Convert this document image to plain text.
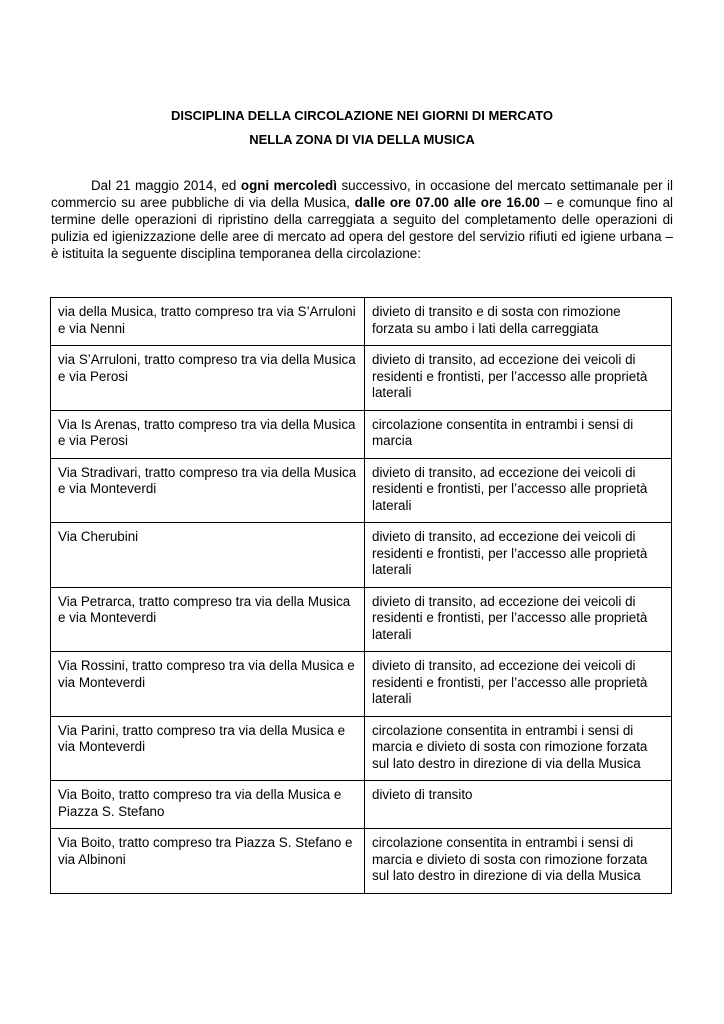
DISCIPLINA DELLA CIRCOLAZIONE NEI GIORNI DI MERCATO
NELLA ZONA DI VIA DELLA MUSICA
Dal 21 maggio 2014, ed ogni mercoledì successivo, in occasione del mercato settimanale per il commercio su aree pubbliche di via della Musica, dalle ore 07.00 alle ore 16.00 – e comunque fino al termine delle operazioni di ripristino della carreggiata a seguito del completamento delle operazioni di pulizia ed igienizzazione delle aree di mercato ad opera del gestore del servizio rifiuti ed igiene urbana – è istituita la seguente disciplina temporanea della circolazione:
via della Musica, tratto compreso tra via S’Arruloni e via Nenni	divieto di transito e di sosta con rimozione forzata su ambo i lati della carreggiata
via S’Arruloni, tratto compreso tra via della Musica e via Perosi	divieto di transito, ad eccezione dei veicoli di residenti e frontisti, per l’accesso alle proprietà laterali
Via Is Arenas, tratto compreso tra via della Musica e via Perosi	circolazione consentita in entrambi i sensi di marcia
Via Stradivari, tratto compreso tra via della Musica e via Monteverdi	divieto di transito, ad eccezione dei veicoli di residenti e frontisti, per l’accesso alle proprietà laterali
Via Cherubini	divieto di transito, ad eccezione dei veicoli di residenti e frontisti, per l’accesso alle proprietà laterali
Via Petrarca, tratto compreso tra via della Musica e via Monteverdi	divieto di transito, ad eccezione dei veicoli di residenti e frontisti, per l’accesso alle proprietà laterali
Via Rossini, tratto compreso tra via della Musica e via Monteverdi	divieto di transito, ad eccezione dei veicoli di residenti e frontisti, per l’accesso alle proprietà laterali
Via Parini, tratto compreso tra via della Musica e via Monteverdi	circolazione consentita in entrambi i sensi di marcia e divieto di sosta con rimozione forzata sul lato destro in direzione di via della Musica
Via Boito, tratto compreso tra via della Musica e Piazza S. Stefano	divieto di transito
Via Boito, tratto compreso tra Piazza S. Stefano e via Albinoni	circolazione consentita in entrambi i sensi di marcia e divieto di sosta con rimozione forzata sul lato destro in direzione di via della Musica
